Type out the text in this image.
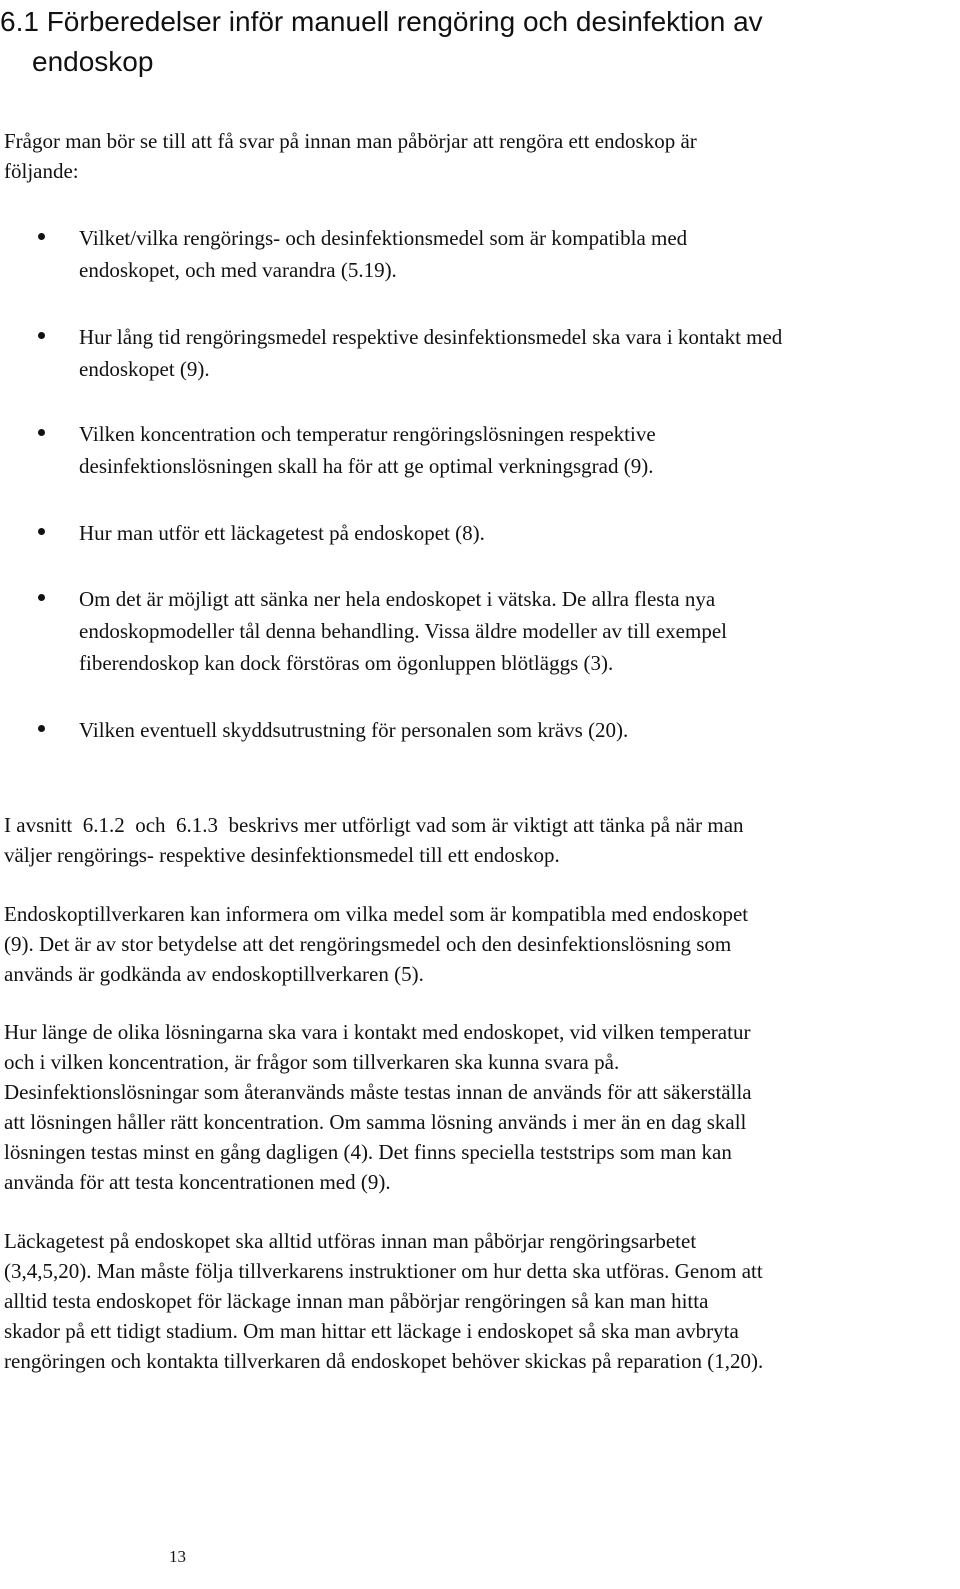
6.1 Förberedelser inför manuell rengöring och desinfektion av
endoskop

Frågor man bör se till att få svar på innan man påbörjar att rengöra ett endoskop är
följande:

Vilket/vilka rengörings- och desinfektionsmedel som är kompatibla med
endoskopet, och med varandra (5.19).
Hur lång tid rengöringsmedel respektive desinfektionsmedel ska vara i kontakt med
endoskopet (9).
Vilken koncentration och temperatur rengöringslösningen respektive
desinfektionslösningen skall ha för att ge optimal verkningsgrad (9).
Hur man utför ett läckagetest på endoskopet (8).
Om det är möjligt att sänka ner hela endoskopet i vätska. De allra flesta nya
endoskopmodeller tål denna behandling. Vissa äldre modeller av till exempel
fiberendoskop kan dock förstöras om ögonluppen blötläggs (3).
Vilken eventuell skyddsutrustning för personalen som krävs (20).

I avsnitt  6.1.2  och  6.1.3  beskrivs mer utförligt vad som är viktigt att tänka på när man
väljer rengörings- respektive desinfektionsmedel till ett endoskop.

Endoskoptillverkaren kan informera om vilka medel som är kompatibla med endoskopet
(9). Det är av stor betydelse att det rengöringsmedel och den desinfektionslösning som
används är godkända av endoskoptillverkaren (5).

Hur länge de olika lösningarna ska vara i kontakt med endoskopet, vid vilken temperatur
och i vilken koncentration, är frågor som tillverkaren ska kunna svara på.
Desinfektionslösningar som återanvänds måste testas innan de används för att säkerställa
att lösningen håller rätt koncentration. Om samma lösning används i mer än en dag skall
lösningen testas minst en gång dagligen (4). Det finns speciella teststrips som man kan
använda för att testa koncentrationen med (9).

Läckagetest på endoskopet ska alltid utföras innan man påbörjar rengöringsarbetet
(3,4,5,20). Man måste följa tillverkarens instruktioner om hur detta ska utföras. Genom att
alltid testa endoskopet för läckage innan man påbörjar rengöringen så kan man hitta
skador på ett tidigt stadium. Om man hittar ett läckage i endoskopet så ska man avbryta
rengöringen och kontakta tillverkaren då endoskopet behöver skickas på reparation (1,20).

13
